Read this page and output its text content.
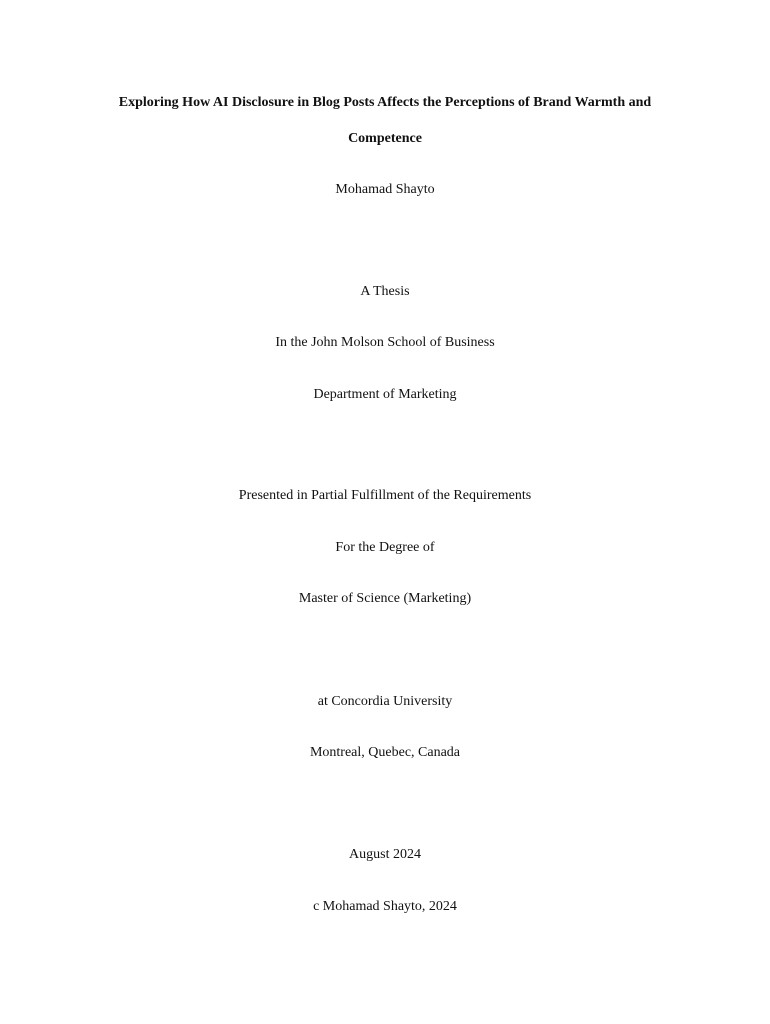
Exploring How AI Disclosure in Blog Posts Affects the Perceptions of Brand Warmth and
Competence
Mohamad Shayto
A Thesis
In the John Molson School of Business
Department of Marketing
Presented in Partial Fulfillment of the Requirements
For the Degree of
Master of Science (Marketing)
at Concordia University
Montreal, Quebec, Canada
August 2024
c Mohamad Shayto, 2024
